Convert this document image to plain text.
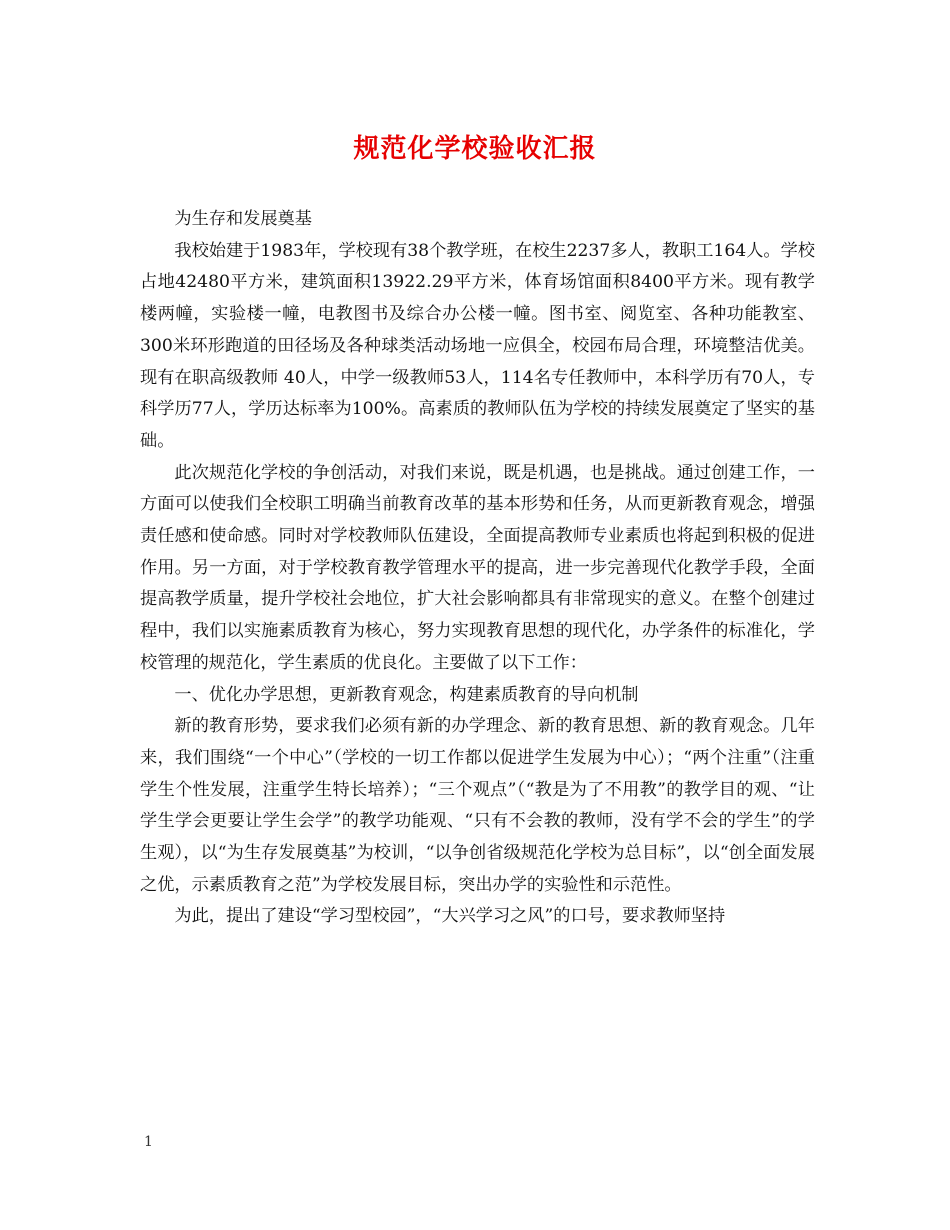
规范化学校验收汇报

为生存和发展奠基

我校始建于1983年，学校现有38个教学班，在校生2237多人，教职工164人。学校占地42480平方米，建筑面积13922.29平方米，体育场馆面积8400平方米。现有教学楼两幢，实验楼一幢，电教图书及综合办公楼一幢。图书室、阅览室、各种功能教室、300米环形跑道的田径场及各种球类活动场地一应俱全，校园布局合理，环境整洁优美。现有在职高级教师 40人，中学一级教师53人，114名专任教师中，本科学历有70人，专科学历77人，学历达标率为100%。高素质的教师队伍为学校的持续发展奠定了坚实的基础。

此次规范化学校的争创活动，对我们来说，既是机遇，也是挑战。通过创建工作，一方面可以使我们全校职工明确当前教育改革的基本形势和任务，从而更新教育观念，增强责任感和使命感。同时对学校教师队伍建设，全面提高教师专业素质也将起到积极的促进作用。另一方面，对于学校教育教学管理水平的提高，进一步完善现代化教学手段，全面提高教学质量，提升学校社会地位，扩大社会影响都具有非常现实的意义。在整个创建过程中，我们以实施素质教育为核心，努力实现教育思想的现代化，办学条件的标准化，学校管理的规范化，学生素质的优良化。主要做了以下工作：

一、优化办学思想，更新教育观念，构建素质教育的导向机制

新的教育形势，要求我们必须有新的办学理念、新的教育思想、新的教育观念。几年来，我们围绕“一个中心”（学校的一切工作都以促进学生发展为中心）；“两个注重”（注重学生个性发展，注重学生特长培养）；“三个观点”（“教是为了不用教”的教学目的观、“让学生学会更要让学生会学”的教学功能观、“只有不会教的教师，没有学不会的学生”的学生观），以“为生存发展奠基”为校训，“以争创省级规范化学校为总目标”，以“创全面发展之优，示素质教育之范”为学校发展目标，突出办学的实验性和示范性。

为此，提出了建设“学习型校园”，“大兴学习之风”的口号，要求教师坚持

1
